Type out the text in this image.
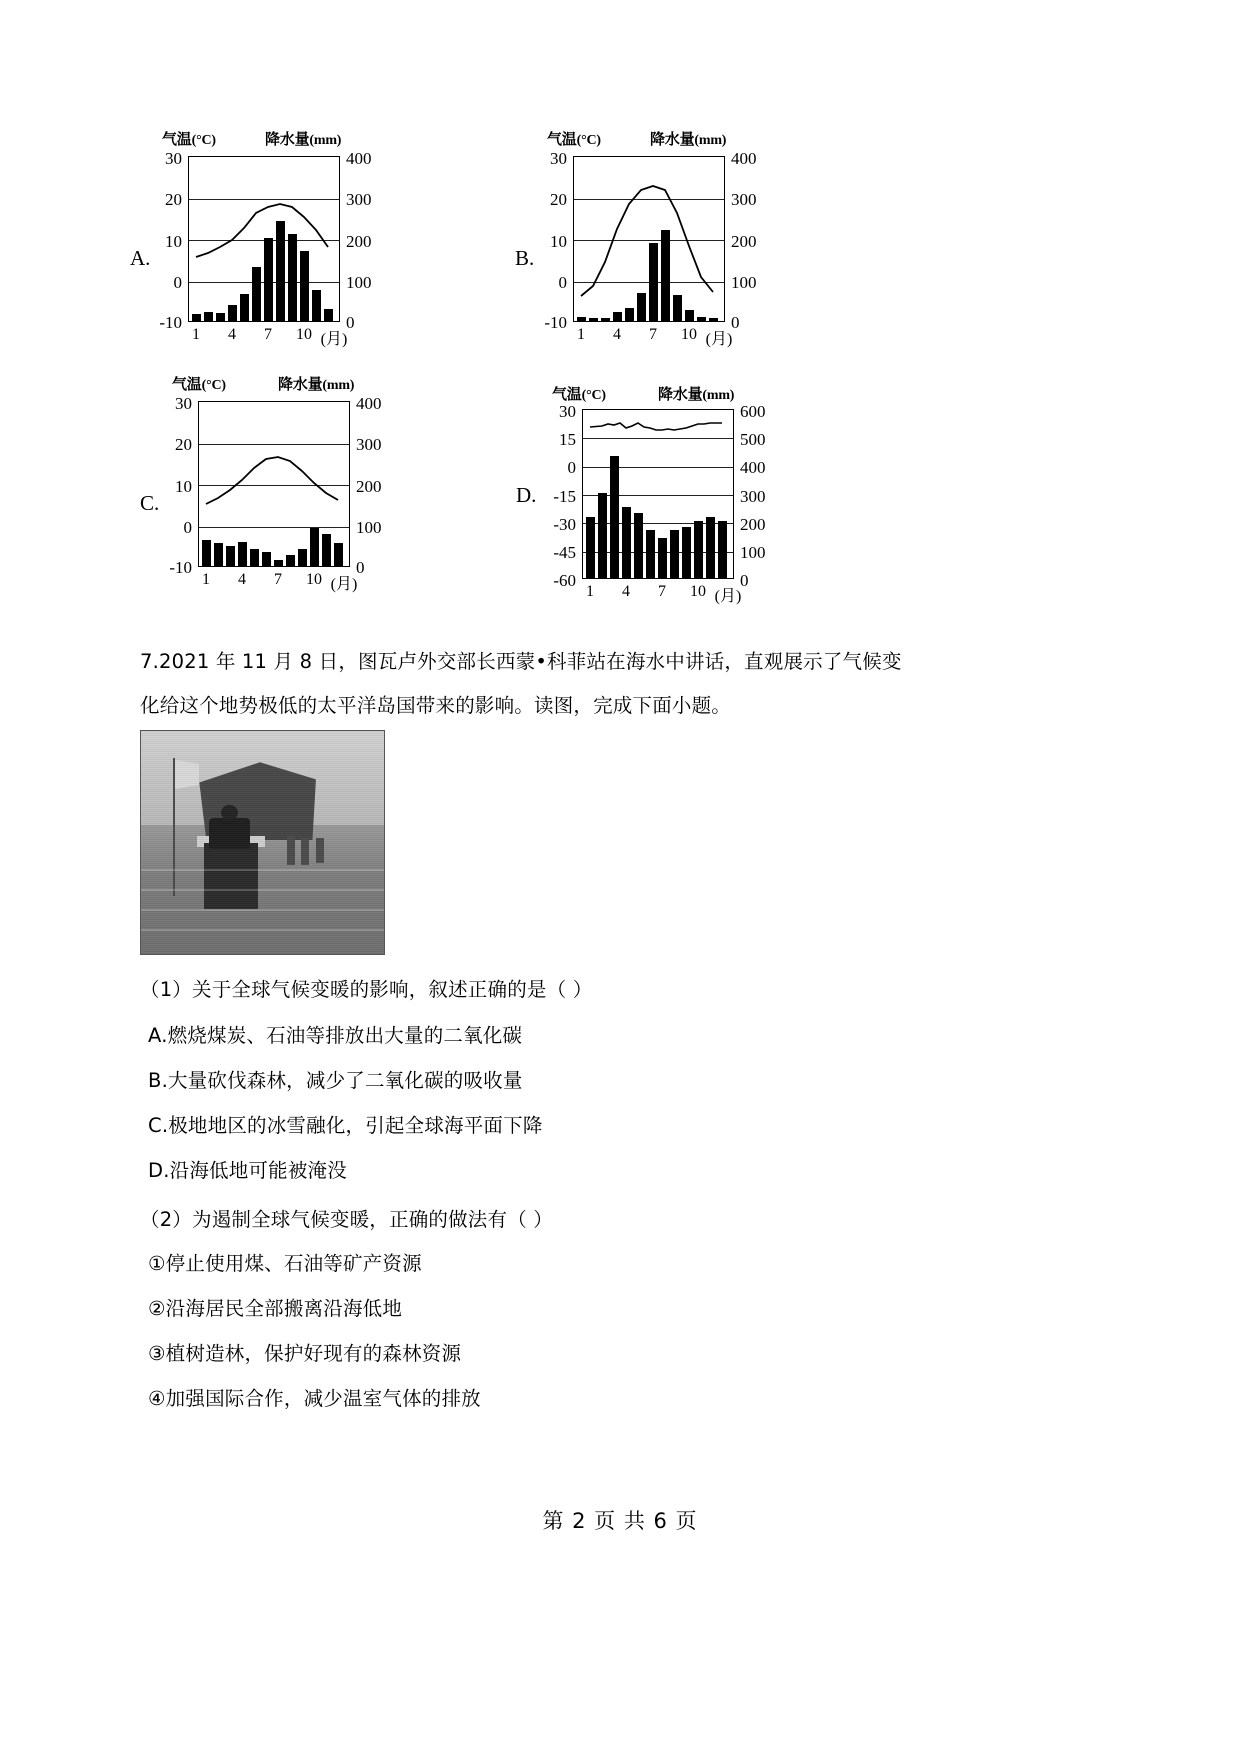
A.
气温(°C)	降水量(mm)
30
20
10
0
-10
400
300
200
100
0
1 4 7 10 (月)
B.
气温(°C)	降水量(mm)
30
20
10
0
-10
400
300
200
100
0
1 4 7 10 (月)
C.
气温(°C)	降水量(mm)
30
20
10
0
-10
400
300
200
100
0
1 4 7 10 (月)
D.
气温(°C)	降水量(mm)
30
15
0
-15
-30
-45
-60
600
500
400
300
200
100
0
1 4 7 10 (月)
7.2021 年 11 月 8 日，图瓦卢外交部长西蒙•科菲站在海水中讲话，直观展示了气候变
化给这个地势极低的太平洋岛国带来的影响。读图，完成下面小题。
（1）关于全球气候变暖的影响，叙述正确的是（ ）
A.燃烧煤炭、石油等排放出大量的二氧化碳
B.大量砍伐森林，减少了二氧化碳的吸收量
C.极地地区的冰雪融化，引起全球海平面下降
D.沿海低地可能被淹没
（2）为遏制全球气候变暖，正确的做法有（ ）
①停止使用煤、石油等矿产资源
②沿海居民全部搬离沿海低地
③植树造林，保护好现有的森林资源
④加强国际合作，减少温室气体的排放
第 2 页 共 6 页
